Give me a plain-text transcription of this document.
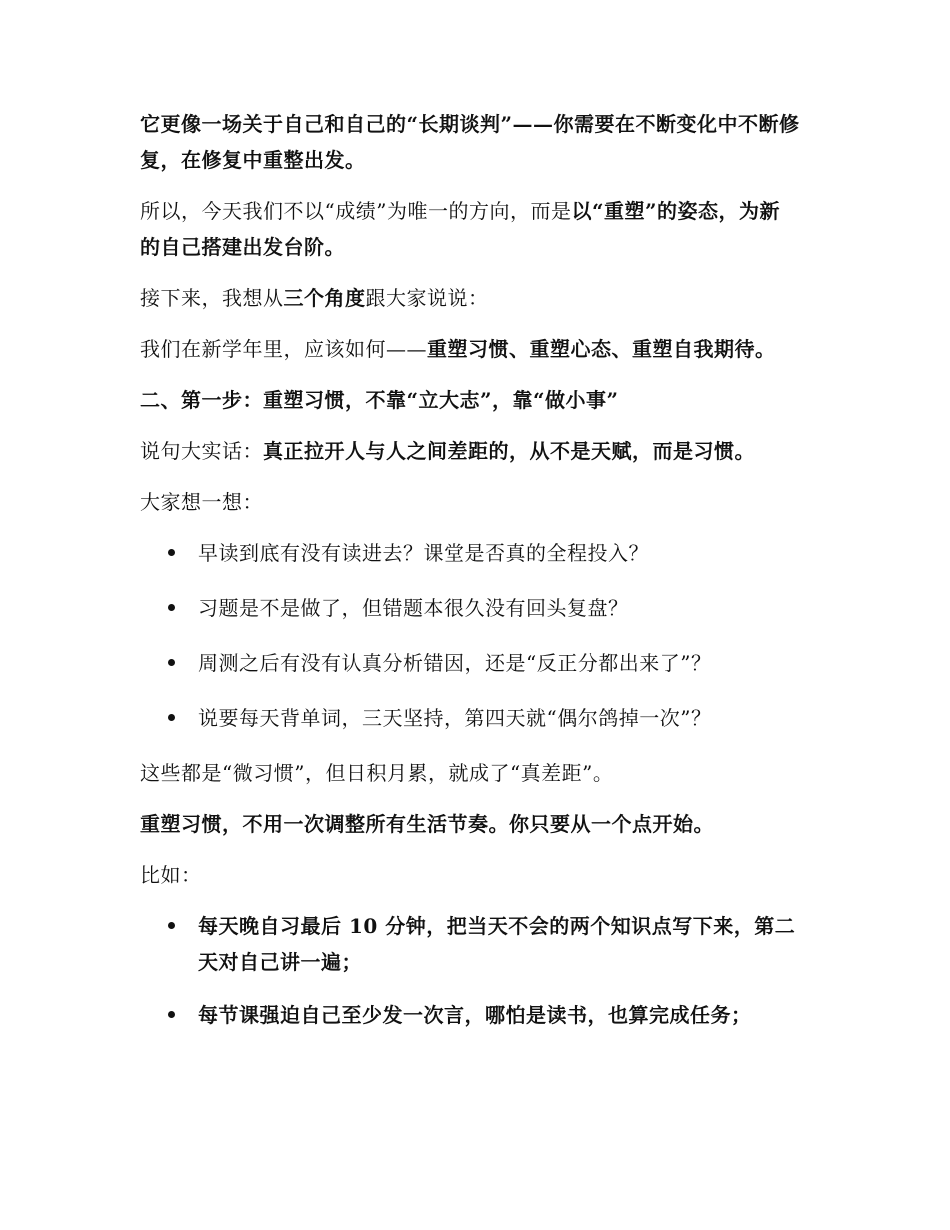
它更像一场关于自己和自己的“长期谈判”——你需要在不断变化中不断修复，在修复中重整出发。

所以，今天我们不以“成绩”为唯一的方向，而是以“重塑”的姿态，为新的自己搭建出发台阶。

接下来，我想从三个角度跟大家说说：

我们在新学年里，应该如何——重塑习惯、重塑心态、重塑自我期待。

二、第一步：重塑习惯，不靠“立大志”，靠“做小事”

说句大实话：真正拉开人与人之间差距的，从不是天赋，而是习惯。

大家想一想：

早读到底有没有读进去？课堂是否真的全程投入？
习题是不是做了，但错题本很久没有回头复盘？
周测之后有没有认真分析错因，还是“反正分都出来了”？
说要每天背单词，三天坚持，第四天就“偶尔鸽掉一次”？

这些都是“微习惯”，但日积月累，就成了“真差距”。

重塑习惯，不用一次调整所有生活节奏。你只要从一个点开始。

比如：

每天晚自习最后 10 分钟，把当天不会的两个知识点写下来，第二天对自己讲一遍；
每节课强迫自己至少发一次言，哪怕是读书，也算完成任务；
